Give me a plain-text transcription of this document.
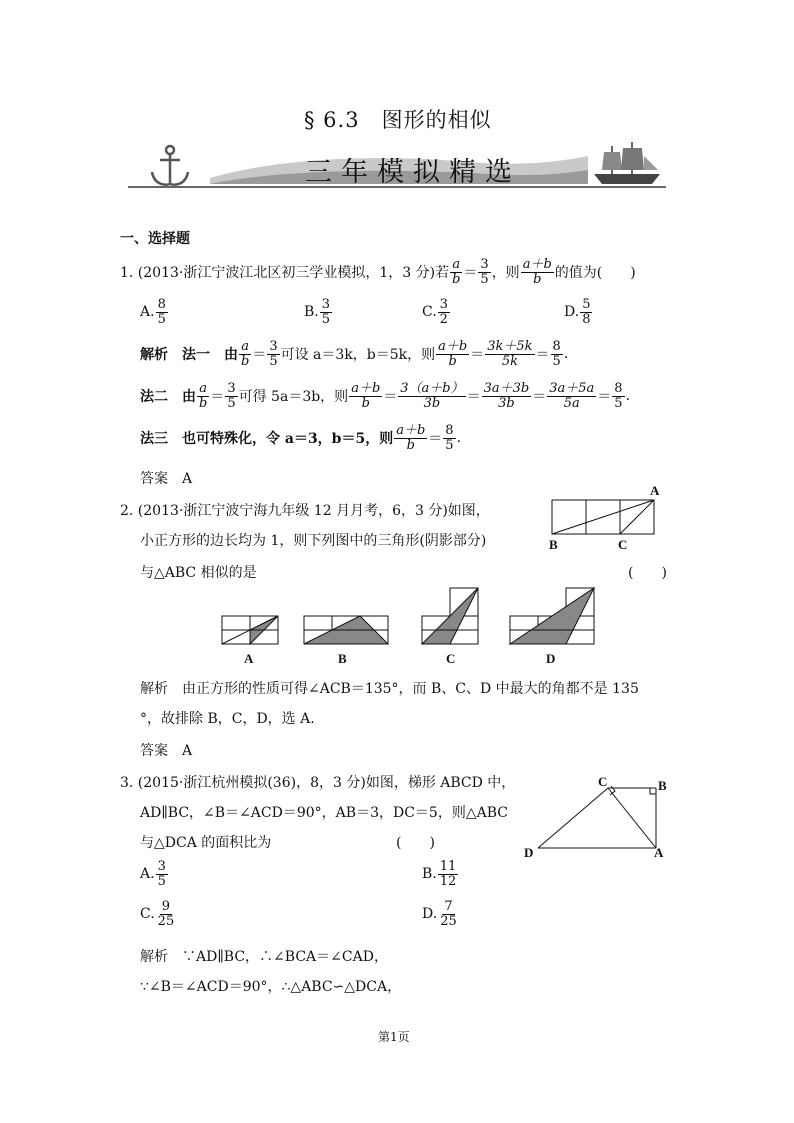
§ 6.3　图形的相似
三年模拟精选
一、选择题
1. (2013·浙江宁波江北区初三学业模拟，1，3 分)若 $\frac{a}{b} = \frac{3}{5}$ ，则 $\frac{a+b}{b}$ 的值为(　　)
A. $\frac{8}{5}$	B. $\frac{3}{5}$	C. $\frac{3}{2}$	D. $\frac{5}{8}$
解析　法一　由 $\frac{a}{b} = \frac{3}{5}$ 可设 a＝3k，b＝5k，则 $\frac{a+b}{b} = \frac{3k+5k}{5k} = \frac{8}{5}$ .
法二　由 $\frac{a}{b} = \frac{3}{5}$ 可得 5a＝3b，则 $\frac{a+b}{b} = \frac{3(a+b)}{3b} = \frac{3a+3b}{3b} = \frac{3a+5a}{5a} = \frac{8}{5}$ .
法三　也可特殊化，令 a＝3，b＝5，则 $\frac{a+b}{b} = \frac{8}{5}$ .
答案　A
2. (2013·浙江宁波宁海九年级 12 月月考，6，3 分)如图，
小正方形的边长均为 1，则下列图中的三角形(阴影部分)
与△ABC 相似的是	(　　)
A
B	C
A	B	C	D
解析　由正方形的性质可得∠ACB＝135°，而 B、C、D 中最大的角都不是 135
°，故排除 B，C，D，选 A.
答案　A
3. (2015·浙江杭州模拟(36)，8，3 分)如图，梯形 ABCD 中，
AD∥BC，∠B＝∠ACD＝90°，AB＝3，DC＝5，则△ABC
与△DCA 的面积比为	(　　)
C	B
D	A
A. $\frac{3}{5}$	B. $\frac{11}{12}$
C. $\frac{9}{25}$	D. $\frac{7}{25}$
解析　∵AD∥BC，∴∠BCA＝∠CAD，
∵∠B＝∠ACD＝90°，∴△ABC∽△DCA，
第1页
